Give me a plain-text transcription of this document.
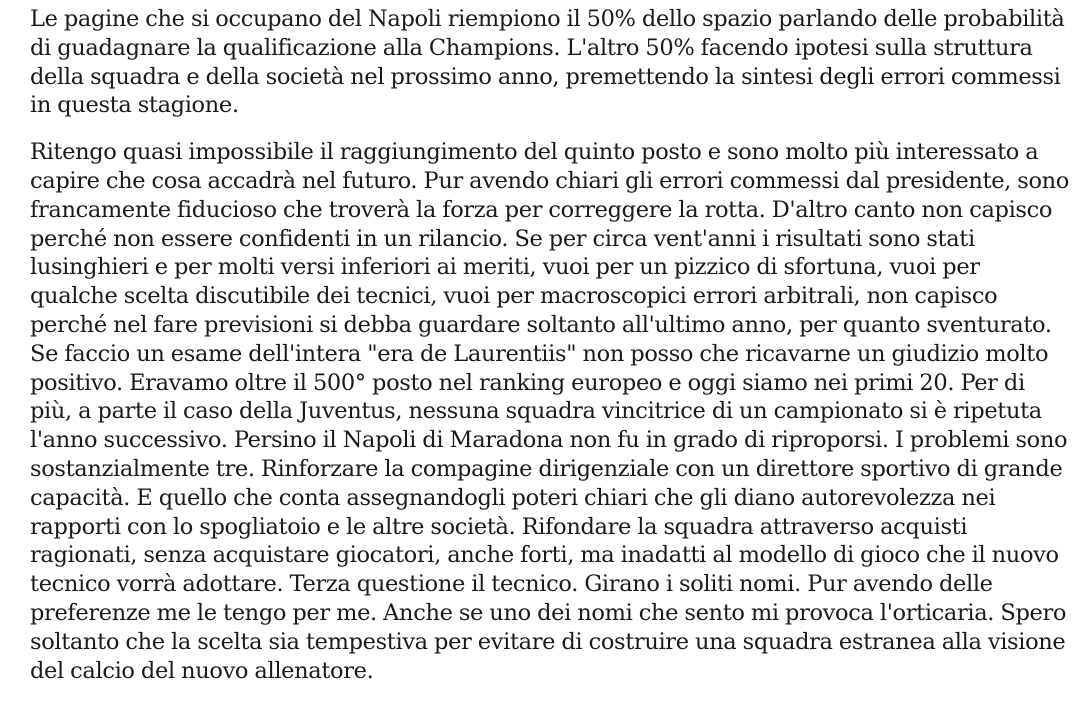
Le pagine che si occupano del Napoli riempiono il 50% dello spazio parlando delle probabilità di guadagnare la qualificazione alla Champions. L'altro 50% facendo ipotesi sulla struttura della squadra e della società nel prossimo anno, premettendo la sintesi degli errori commessi in questa stagione.

Ritengo quasi impossibile il raggiungimento del quinto posto e sono molto più interessato a capire che cosa accadrà nel futuro. Pur avendo chiari gli errori commessi dal presidente, sono francamente fiducioso che troverà la forza per correggere la rotta. D'altro canto non capisco perché non essere confidenti in un rilancio. Se per circa vent'anni i risultati sono stati lusinghieri e per molti versi inferiori ai meriti, vuoi per un pizzico di sfortuna, vuoi per qualche scelta discutibile dei tecnici, vuoi per macroscopici errori arbitrali, non capisco perché nel fare previsioni si debba guardare soltanto all'ultimo anno, per quanto sventurato. Se faccio un esame dell'intera "era de Laurentiis" non posso che ricavarne un giudizio molto positivo. Eravamo oltre il 500° posto nel ranking europeo e oggi siamo nei primi 20. Per di più, a parte il caso della Juventus, nessuna squadra vincitrice di un campionato si è ripetuta l'anno successivo. Persino il Napoli di Maradona non fu in grado di riproporsi. I problemi sono sostanzialmente tre. Rinforzare la compagine dirigenziale con un direttore sportivo di grande capacità. E quello che conta assegnandogli poteri chiari che gli diano autorevolezza nei rapporti con lo spogliatoio e le altre società. Rifondare la squadra attraverso acquisti ragionati, senza acquistare giocatori, anche forti, ma inadatti al modello di gioco che il nuovo tecnico vorrà adottare. Terza questione il tecnico. Girano i soliti nomi. Pur avendo delle preferenze me le tengo per me. Anche se uno dei nomi che sento mi provoca l'orticaria. Spero soltanto che la scelta sia tempestiva per evitare di costruire una squadra estranea alla visione del calcio del nuovo allenatore.
